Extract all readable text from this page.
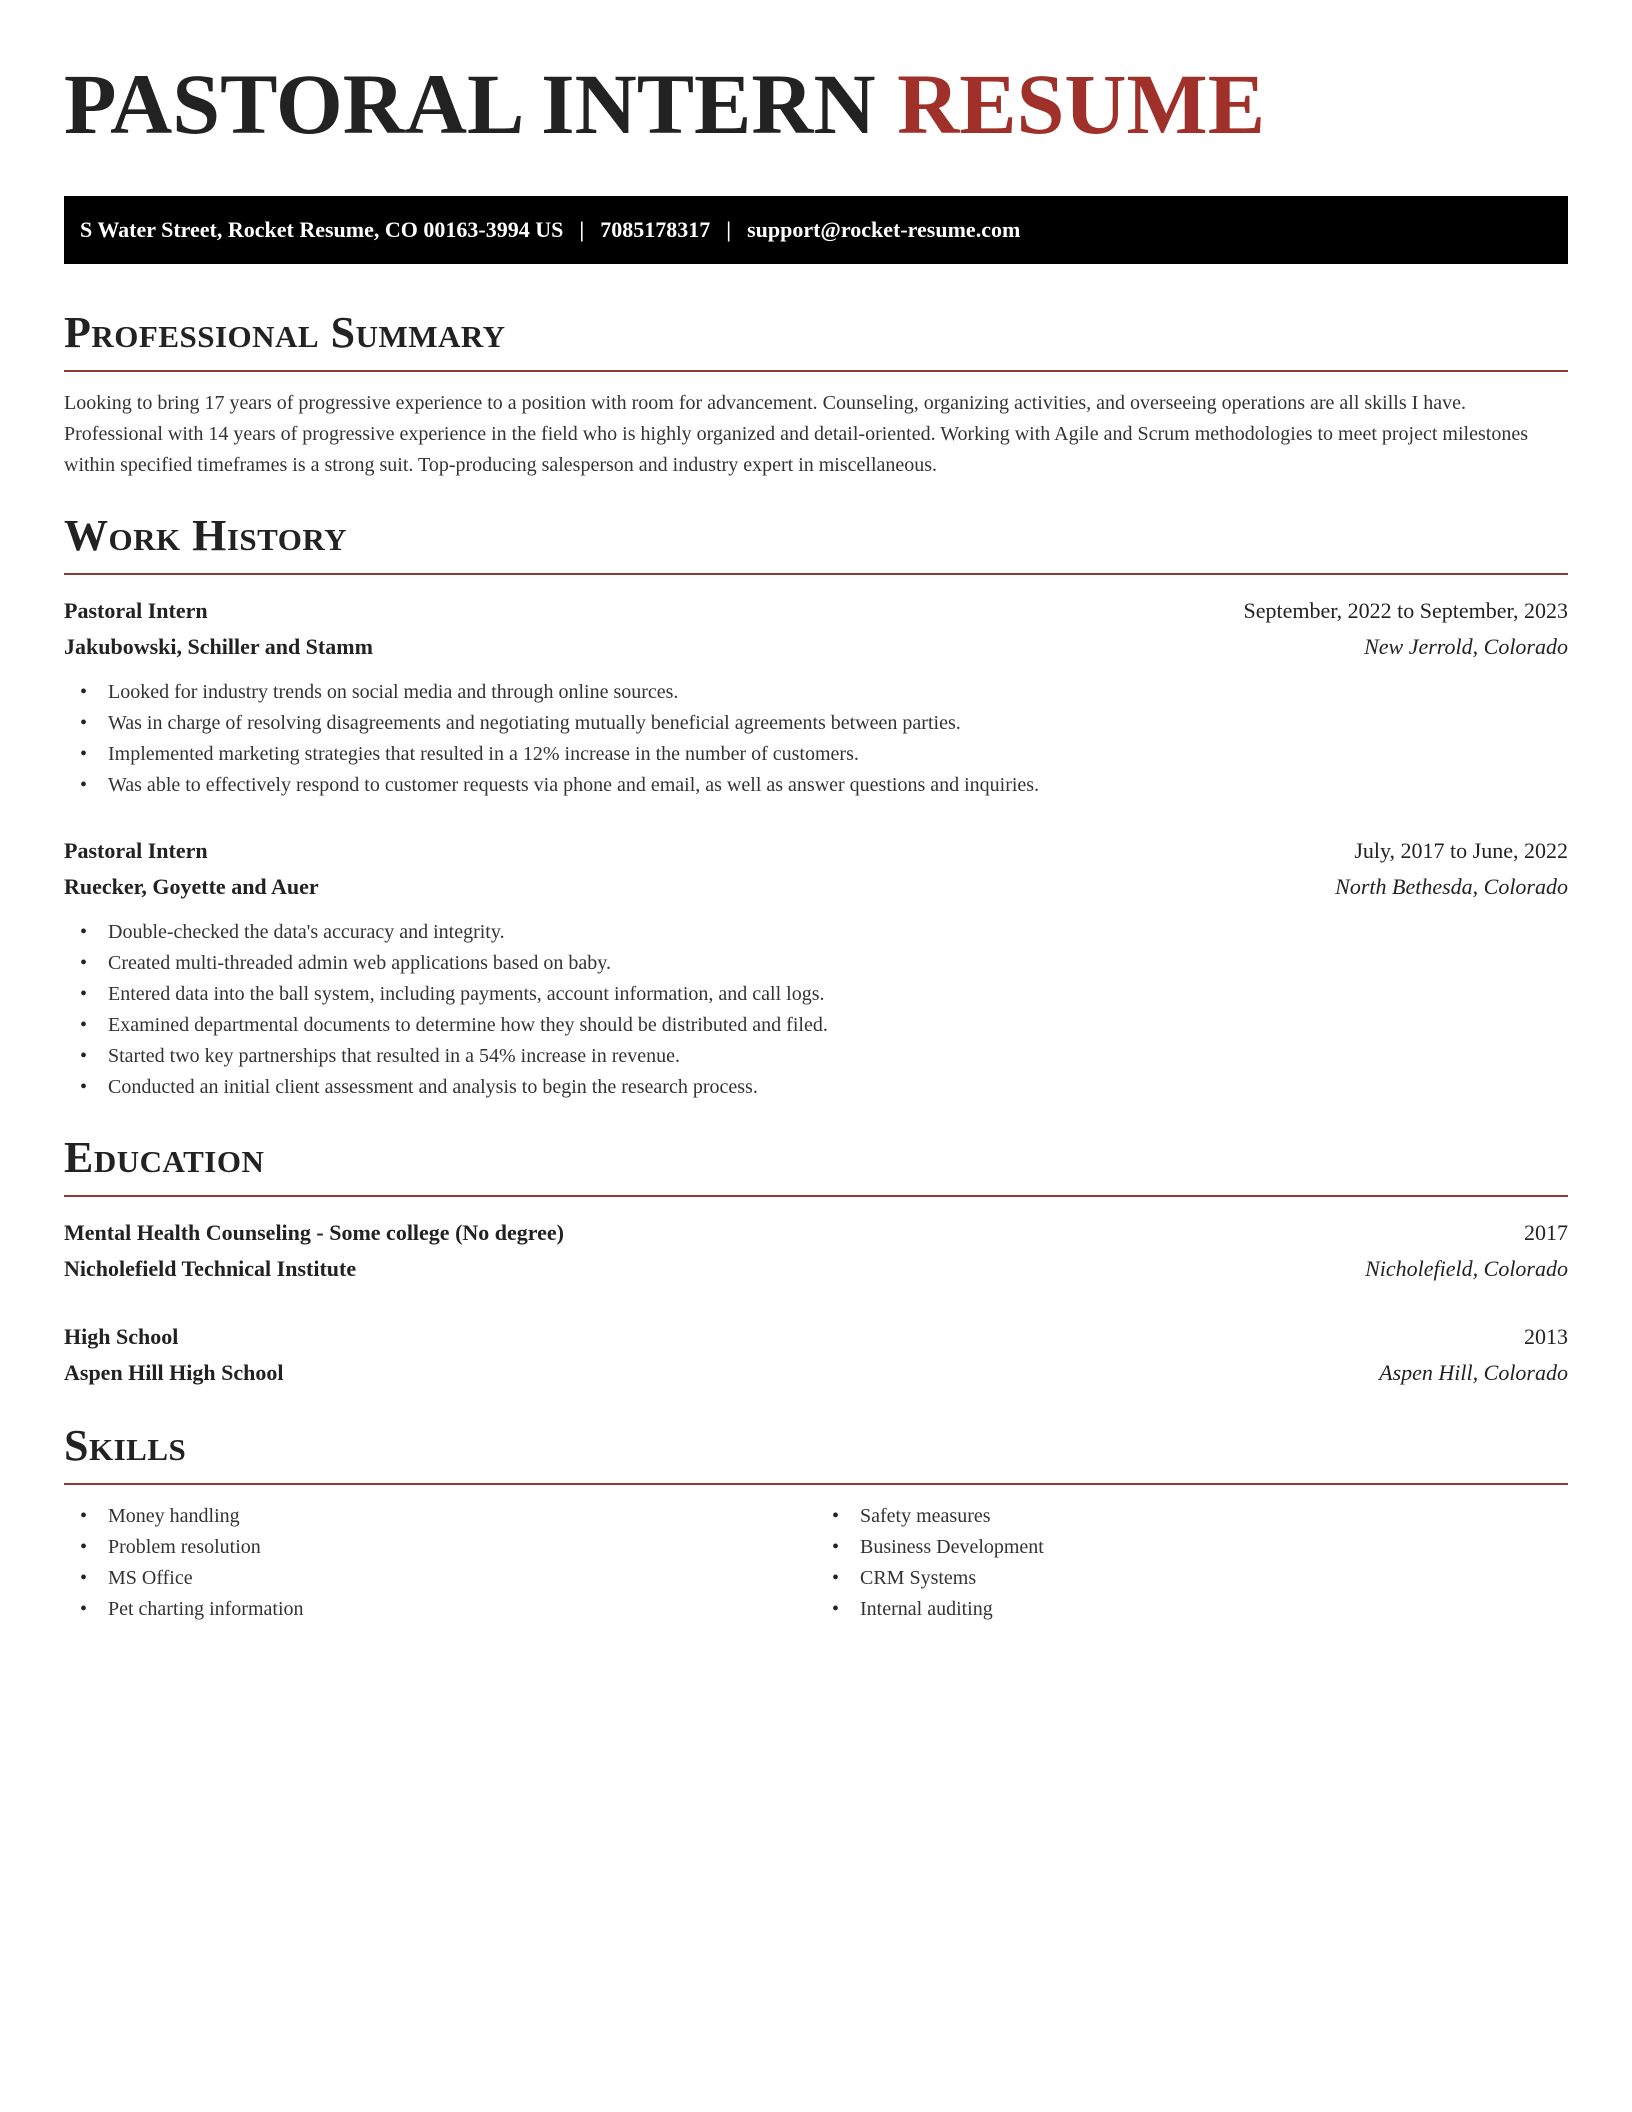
PASTORAL INTERN RESUME
S Water Street, Rocket Resume, CO 00163-3994 US | 7085178317 | support@rocket-resume.com
Professional Summary

Looking to bring 17 years of progressive experience to a position with room for advancement. Counseling, organizing activities, and overseeing operations are all skills I have. Professional with 14 years of progressive experience in the field who is highly organized and detail-oriented. Working with Agile and Scrum methodologies to meet project milestones within specified timeframes is a strong suit. Top-producing salesperson and industry expert in miscellaneous.

Work History
Pastoral Intern	September, 2022 to September, 2023
Jakubowski, Schiller and Stamm	New Jerrold, Colorado
• Looked for industry trends on social media and through online sources.
• Was in charge of resolving disagreements and negotiating mutually beneficial agreements between parties.
• Implemented marketing strategies that resulted in a 12% increase in the number of customers.
• Was able to effectively respond to customer requests via phone and email, as well as answer questions and inquiries.
Pastoral Intern	July, 2017 to June, 2022
Ruecker, Goyette and Auer	North Bethesda, Colorado
• Double-checked the data's accuracy and integrity.
• Created multi-threaded admin web applications based on baby.
• Entered data into the ball system, including payments, account information, and call logs.
• Examined departmental documents to determine how they should be distributed and filed.
• Started two key partnerships that resulted in a 54% increase in revenue.
• Conducted an initial client assessment and analysis to begin the research process.
Education
Mental Health Counseling - Some college (No degree)	2017
Nicholefield Technical Institute	Nicholefield, Colorado
High School	2013
Aspen Hill High School	Aspen Hill, Colorado
Skills
• Money handling
• Problem resolution
• MS Office
• Pet charting information
• Safety measures
• Business Development
• CRM Systems
• Internal auditing
